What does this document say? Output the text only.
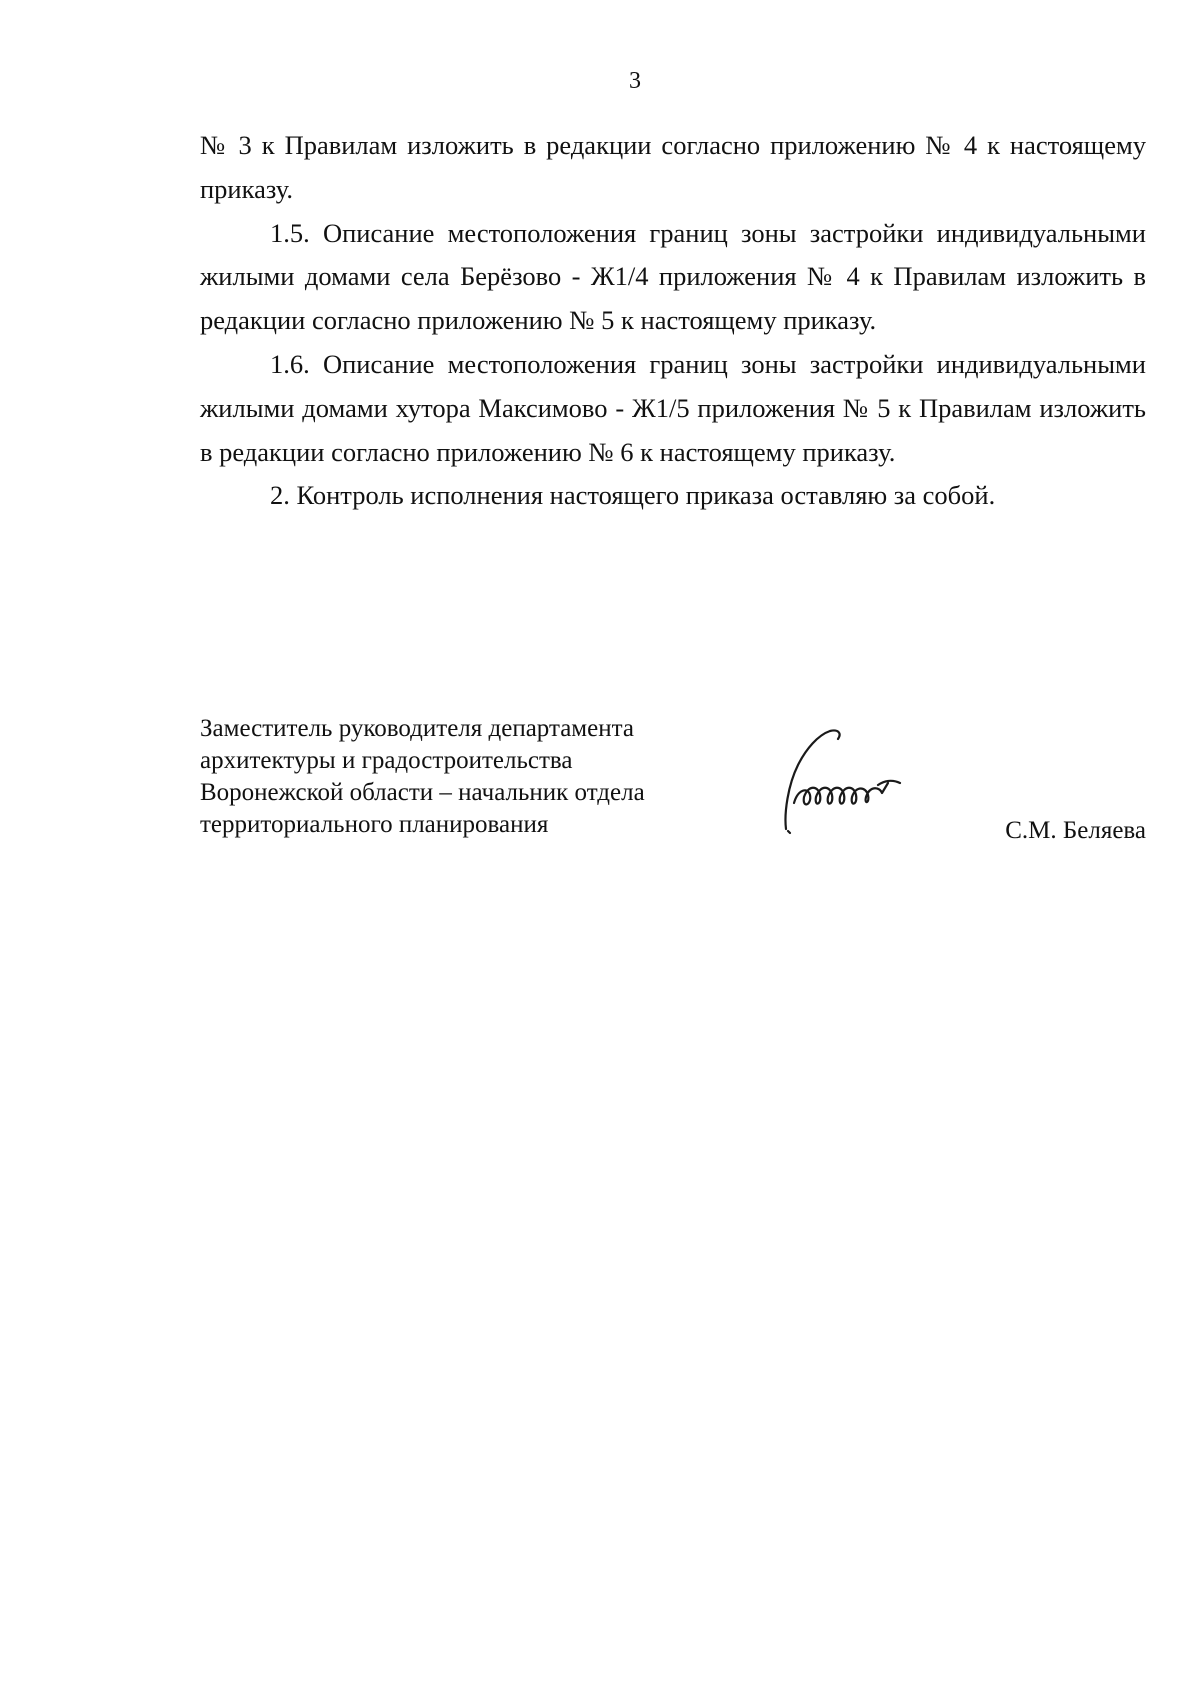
3

№ 3 к Правилам изложить в редакции согласно приложению № 4 к настоящему приказу.

1.5. Описание местоположения границ зоны застройки индивидуальными жилыми домами села Берёзово - Ж1/4 приложения № 4 к Правилам изложить в редакции согласно приложению № 5 к настоящему приказу.

1.6. Описание местоположения границ зоны застройки индивидуальными жилыми домами хутора Максимово - Ж1/5 приложения № 5 к Правилам изложить в редакции согласно приложению № 6 к настоящему приказу.

2. Контроль исполнения настоящего приказа оставляю за собой.

Заместитель руководителя департамента
архитектуры и градостроительства
Воронежской области – начальник отдела
территориального планирования	С.М. Беляева
